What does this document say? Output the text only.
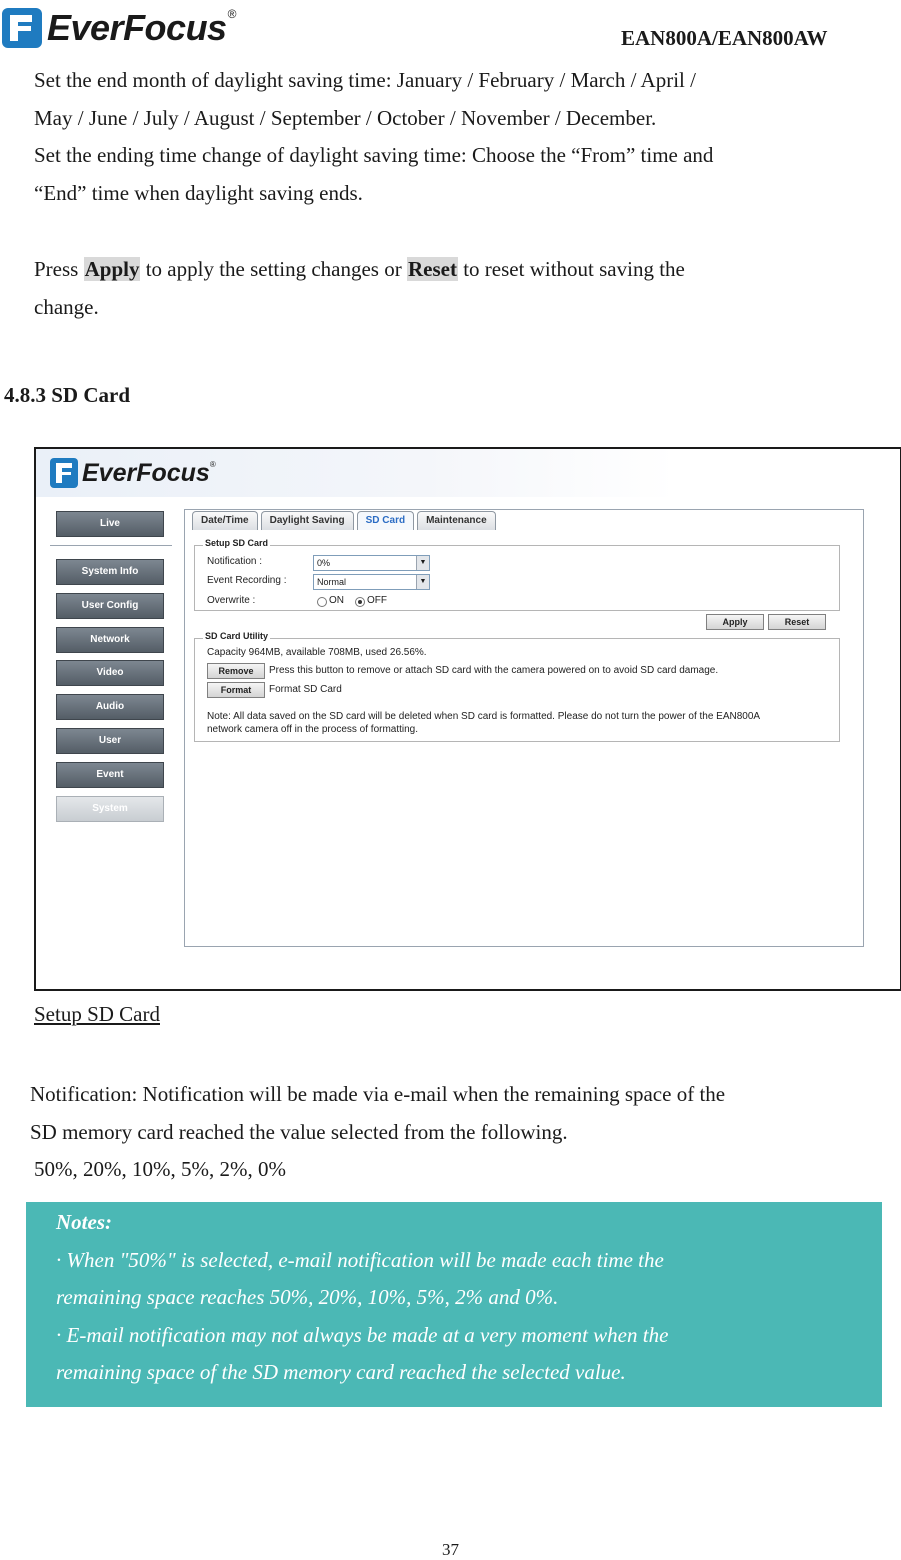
EverFocus ®
EAN800A/EAN800AW
Set the end month of daylight saving time: January / February / March / April /
May / June / July / August / September / October / November / December.
Set the ending time change of daylight saving time: Choose the “From” time and
“End” time when daylight saving ends.
Press Apply to apply the setting changes or Reset to reset without saving the
change.
4.8.3 SD Card
EverFocus ®
Live
System Info
User Config
Network
Video
Audio
User
Event
System
Date/Time	Daylight Saving	SD Card	Maintenance
Setup SD Card
Notification :	0%	▼
Event Recording :	Normal	▼
Overwrite :	ON OFF
Apply	Reset
SD Card Utility
Capacity 964MB, available 708MB, used 26.56%.
Remove	Press this button to remove or attach SD card with the camera powered on to avoid SD card damage.
Format	Format SD Card
Note: All data saved on the SD card will be deleted when SD card is formatted. Please do not turn the power of the EAN800A
network camera off in the process of formatting.
Setup SD Card
Notification: Notification will be made via e-mail when the remaining space of the
SD memory card reached the value selected from the following.
50%, 20%, 10%, 5%, 2%, 0%
Notes:
· When "50%" is selected, e-mail notification will be made each time the
remaining space reaches 50%, 20%, 10%, 5%, 2% and 0%.
· E-mail notification may not always be made at a very moment when the
remaining space of the SD memory card reached the selected value.
37
